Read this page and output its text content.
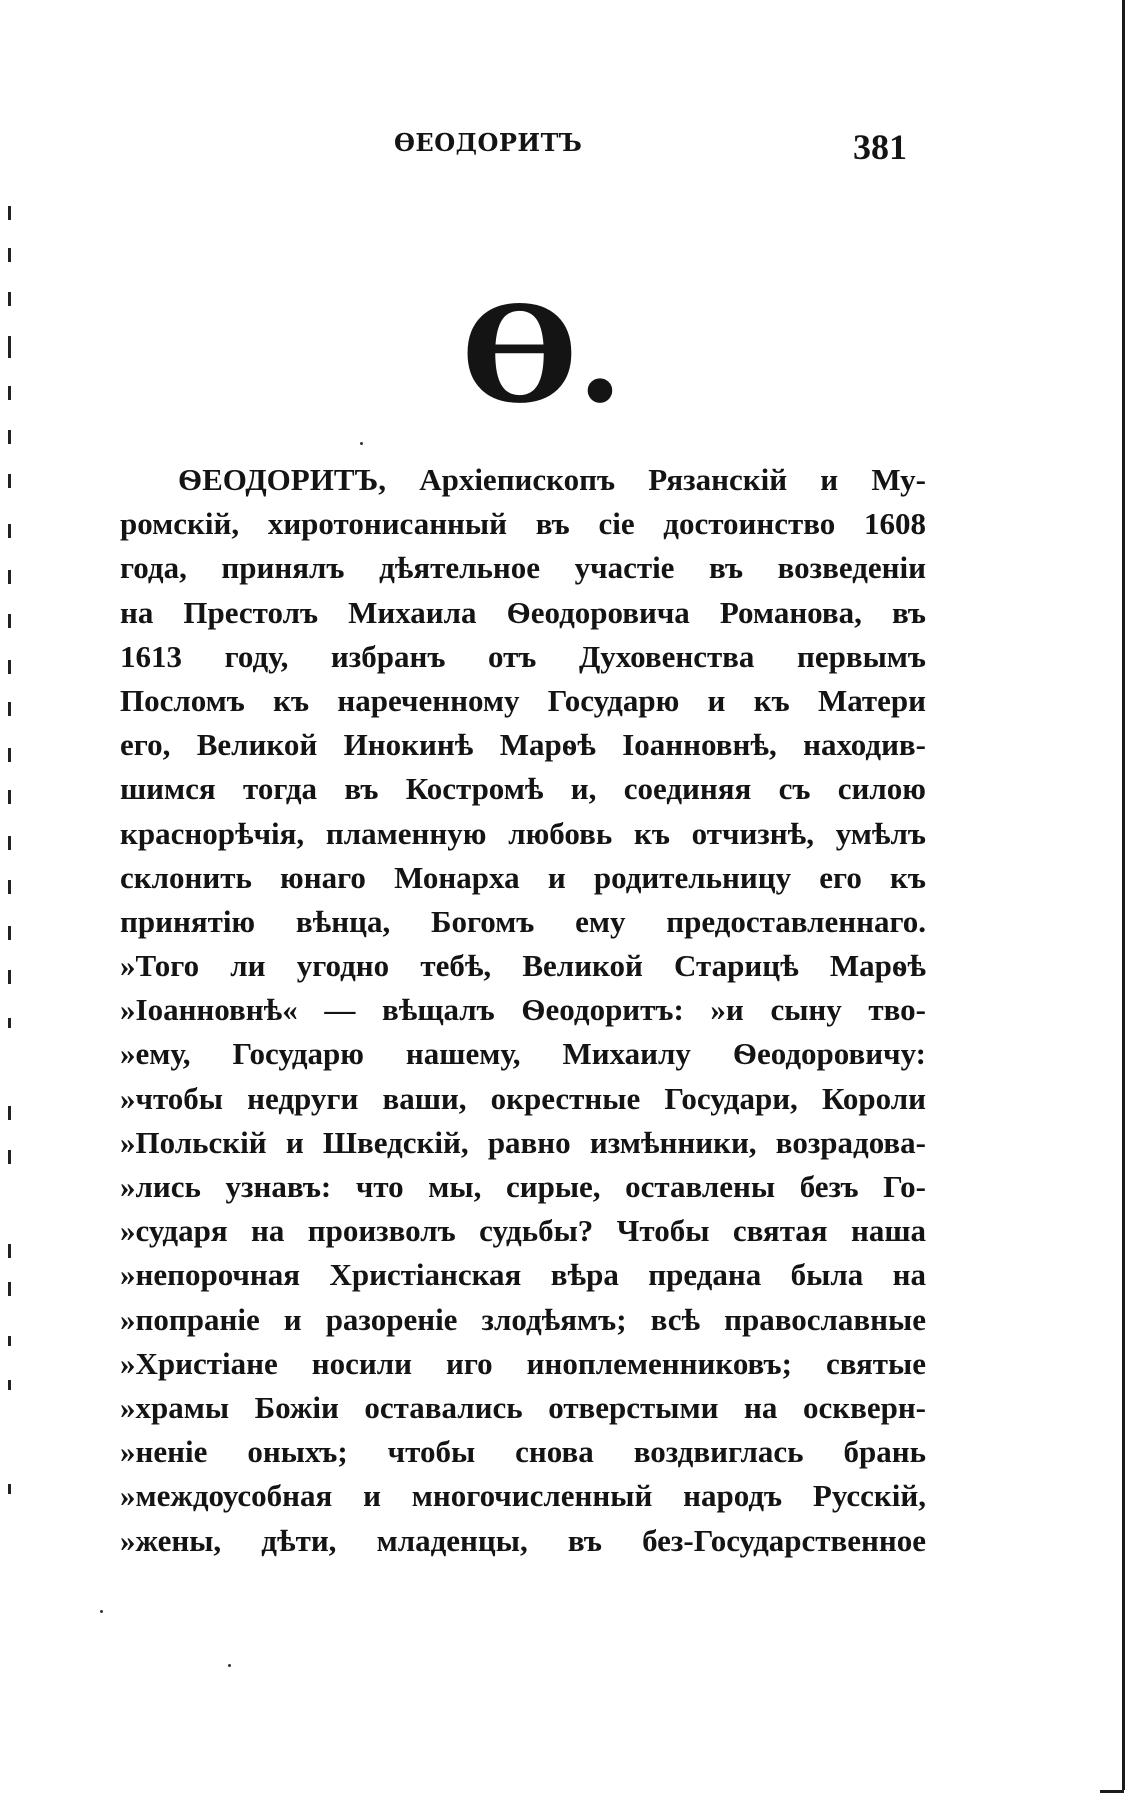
ѲЕОДОРИТЪ	381
Ѳ.
ѲЕОДОРИТЪ, Архіепископъ Рязанскій и Му-
ромскій, хиротонисанный въ сіе достоинство 1608
года, принялъ дѣятельное участіе въ возведеніи
на Престолъ Михаила Ѳеодоровича Романова, въ
1613 году, избранъ отъ Духовенства первымъ
Посломъ къ нареченному Государю и къ Матери
его, Великой Инокинѣ Марѳѣ Іоанновнѣ, находив-
шимся тогда въ Костромѣ и, соединяя съ силою
краснорѣчія, пламенную любовь къ отчизнѣ, умѣлъ
склонить юнаго Монарха и родительницу его къ
принятію вѣнца, Богомъ ему предоставленнаго.
»Того ли угодно тебѣ, Великой Старицѣ Марѳѣ
»Іоанновнѣ« — вѣщалъ Ѳеодоритъ: »и сыну тво-
»ему, Государю нашему, Михаилу Ѳеодоровичу:
»чтобы недруги ваши, окрестные Государи, Короли
»Польскій и Шведскій, равно измѣнники, возрадова-
»лись узнавъ: что мы, сирые, оставлены безъ Го-
»сударя на произволъ судьбы? Чтобы святая наша
»непорочная Христіанская вѣра предана была на
»попраніе и разореніе злодѣямъ; всѣ православные
»Христіане носили иго иноплеменниковъ; святые
»храмы Божіи оставались отверстыми на оскверн-
»неніе оныхъ; чтобы снова воздвиглась брань
»междоусобная и многочисленный народъ Русскій,
»жены, дѣти, младенцы, въ без-Государственное
